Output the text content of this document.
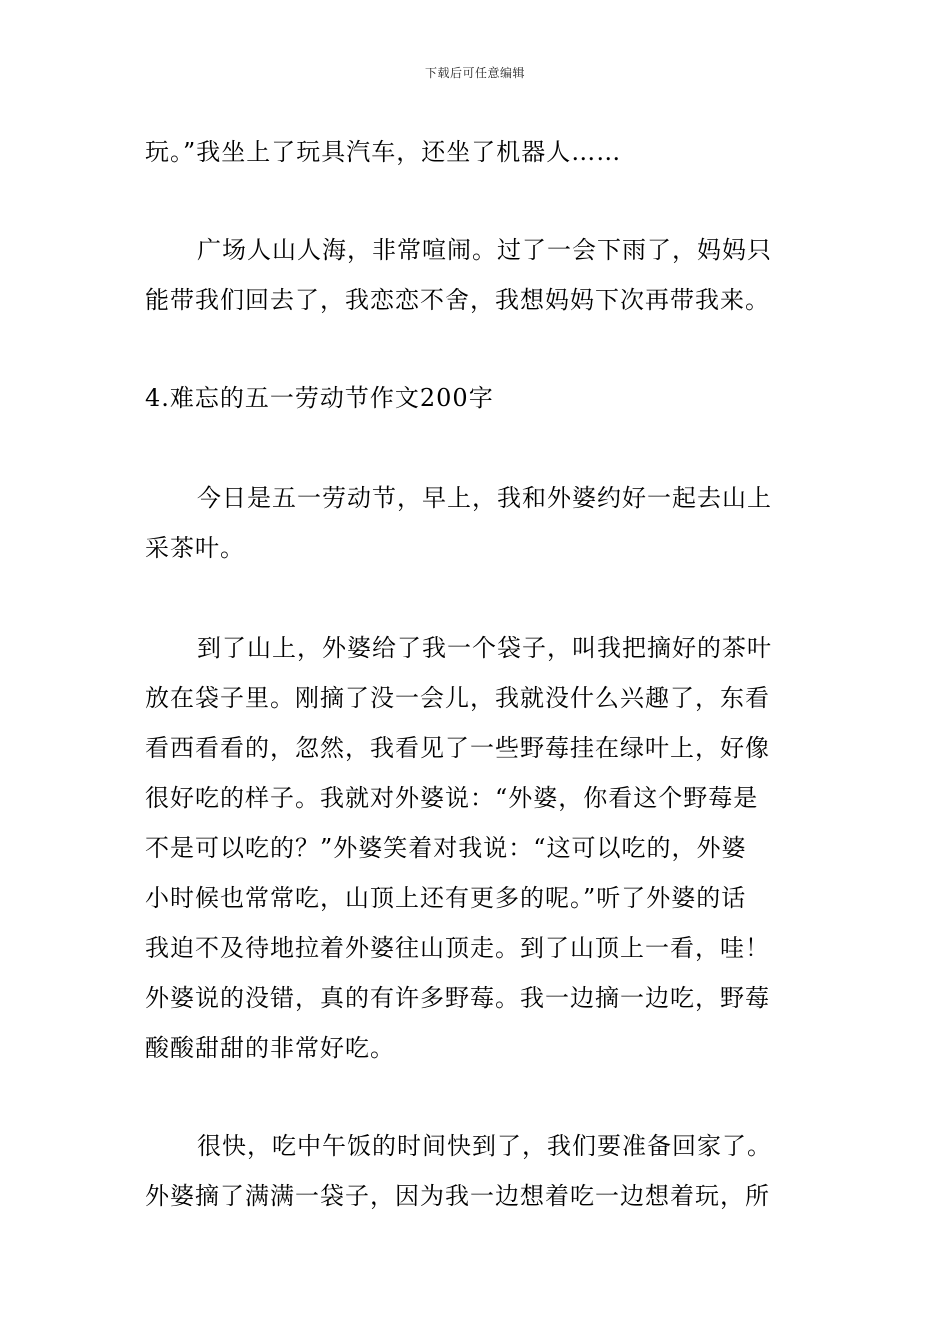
下载后可任意编辑
玩。”我坐上了玩具汽车，还坐了机器人……
广场人山人海，非常喧闹。过了一会下雨了，妈妈只
能带我们回去了，我恋恋不舍，我想妈妈下次再带我来。
4.难忘的五一劳动节作文200字
今日是五一劳动节，早上，我和外婆约好一起去山上
采茶叶。
到了山上，外婆给了我一个袋子，叫我把摘好的茶叶
放在袋子里。刚摘了没一会儿，我就没什么兴趣了，东看
看西看看的，忽然，我看见了一些野莓挂在绿叶上，好像
很好吃的样子。我就对外婆说：“外婆，你看这个野莓是
不是可以吃的？”外婆笑着对我说：“这可以吃的，外婆
小时候也常常吃，山顶上还有更多的呢。”听了外婆的话
我迫不及待地拉着外婆往山顶走。到了山顶上一看，哇！
外婆说的没错，真的有许多野莓。我一边摘一边吃，野莓
酸酸甜甜的非常好吃。
很快，吃中午饭的时间快到了，我们要准备回家了。
外婆摘了满满一袋子，因为我一边想着吃一边想着玩，所
